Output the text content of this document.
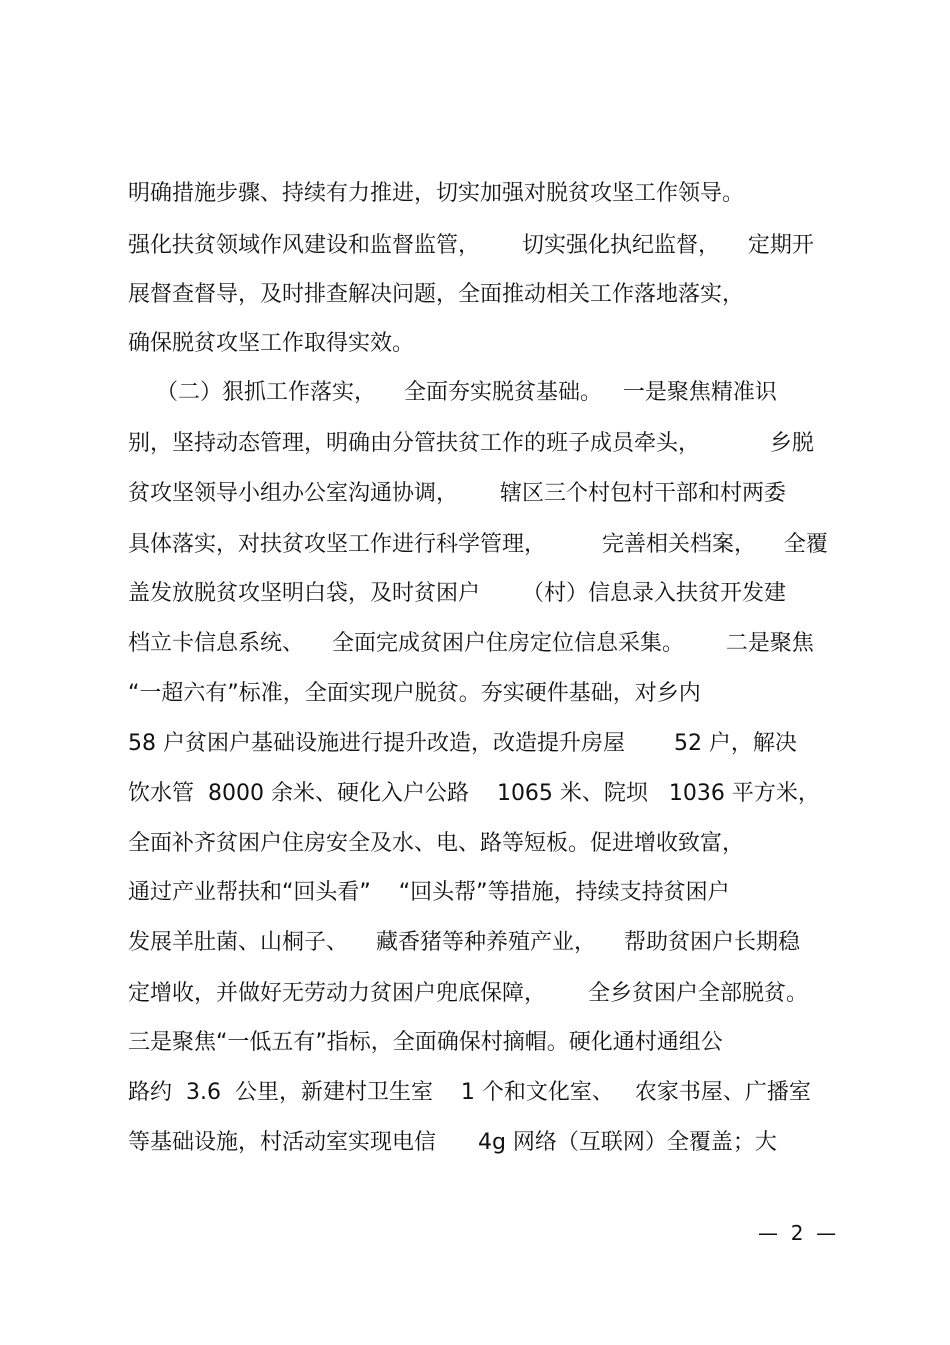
明确措施步骤、持续有力推进，切实加强对脱贫攻坚工作领导。
强化扶贫领域作风建设和监督监管，      切实强化执纪监督，    定期开
展督查督导，及时排查解决问题，全面推动相关工作落地落实，
确保脱贫攻坚工作取得实效。
（二）狠抓工作落实，    全面夯实脱贫基础。   一是聚焦精准识
别，坚持动态管理，明确由分管扶贫工作的班子成员牵头，          乡脱
贫攻坚领导小组办公室沟通协调，      辖区三个村包村干部和村两委
具体落实，对扶贫攻坚工作进行科学管理，        完善相关档案，    全覆
盖发放脱贫攻坚明白袋，及时贫困户      （村）信息录入扶贫开发建
档立卡信息系统、    全面完成贫困户住房定位信息采集。      二是聚焦
“一超六有”标准，全面实现户脱贫。夯实硬件基础，对乡内
58 户贫困户基础设施进行提升改造，改造提升房屋       52 户，解决
饮水管  8000 余米、硬化入户公路    1065 米、院坝   1036 平方米，
全面补齐贫困户住房安全及水、电、路等短板。促进增收致富，
通过产业帮扶和“回头看”    “回头帮”等措施，持续支持贫困户
发展羊肚菌、山桐子、    藏香猪等种养殖产业，    帮助贫困户长期稳
定增收，并做好无劳动力贫困户兜底保障，      全乡贫困户全部脱贫。
三是聚焦“一低五有”指标，全面确保村摘帽。硬化通村通组公
路约  3.6  公里，新建村卫生室    1 个和文化室、   农家书屋、广播室
等基础设施，村活动室实现电信      4g 网络（互联网）全覆盖；大
—  2  —
